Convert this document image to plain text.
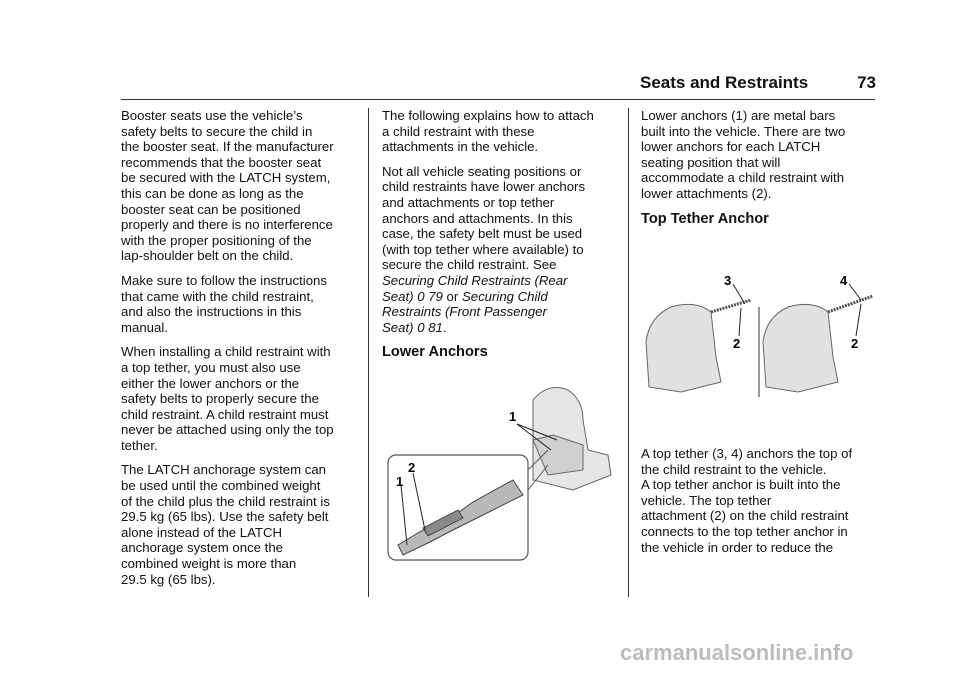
Seats and Restraints	73

Booster seats use the vehicle’s
safety belts to secure the child in
the booster seat. If the manufacturer
recommends that the booster seat
be secured with the LATCH system,
this can be done as long as the
booster seat can be positioned
properly and there is no interference
with the proper positioning of the
lap-shoulder belt on the child.

Make sure to follow the instructions
that came with the child restraint,
and also the instructions in this
manual.

When installing a child restraint with
a top tether, you must also use
either the lower anchors or the
safety belts to properly secure the
child restraint. A child restraint must
never be attached using only the top
tether.

The LATCH anchorage system can
be used until the combined weight
of the child plus the child restraint is
29.5 kg (65 lbs). Use the safety belt
alone instead of the LATCH
anchorage system once the
combined weight is more than
29.5 kg (65 lbs).

The following explains how to attach
a child restraint with these
attachments in the vehicle.

Not all vehicle seating positions or
child restraints have lower anchors
and attachments or top tether
anchors and attachments. In this
case, the safety belt must be used
(with top tether where available) to
secure the child restraint. See
Securing Child Restraints (Rear
Seat) 0 79 or Securing Child
Restraints (Front Passenger
Seat) 0 81.

Lower Anchors
1
2
1

Lower anchors (1) are metal bars
built into the vehicle. There are two
lower anchors for each LATCH
seating position that will
accommodate a child restraint with
lower attachments (2).

Top Tether Anchor
3
2
4
2

A top tether (3, 4) anchors the top of
the child restraint to the vehicle.

A top tether anchor is built into the
vehicle. The top tether
attachment (2) on the child restraint
connects to the top tether anchor in
the vehicle in order to reduce the

carmanualsonline.info
